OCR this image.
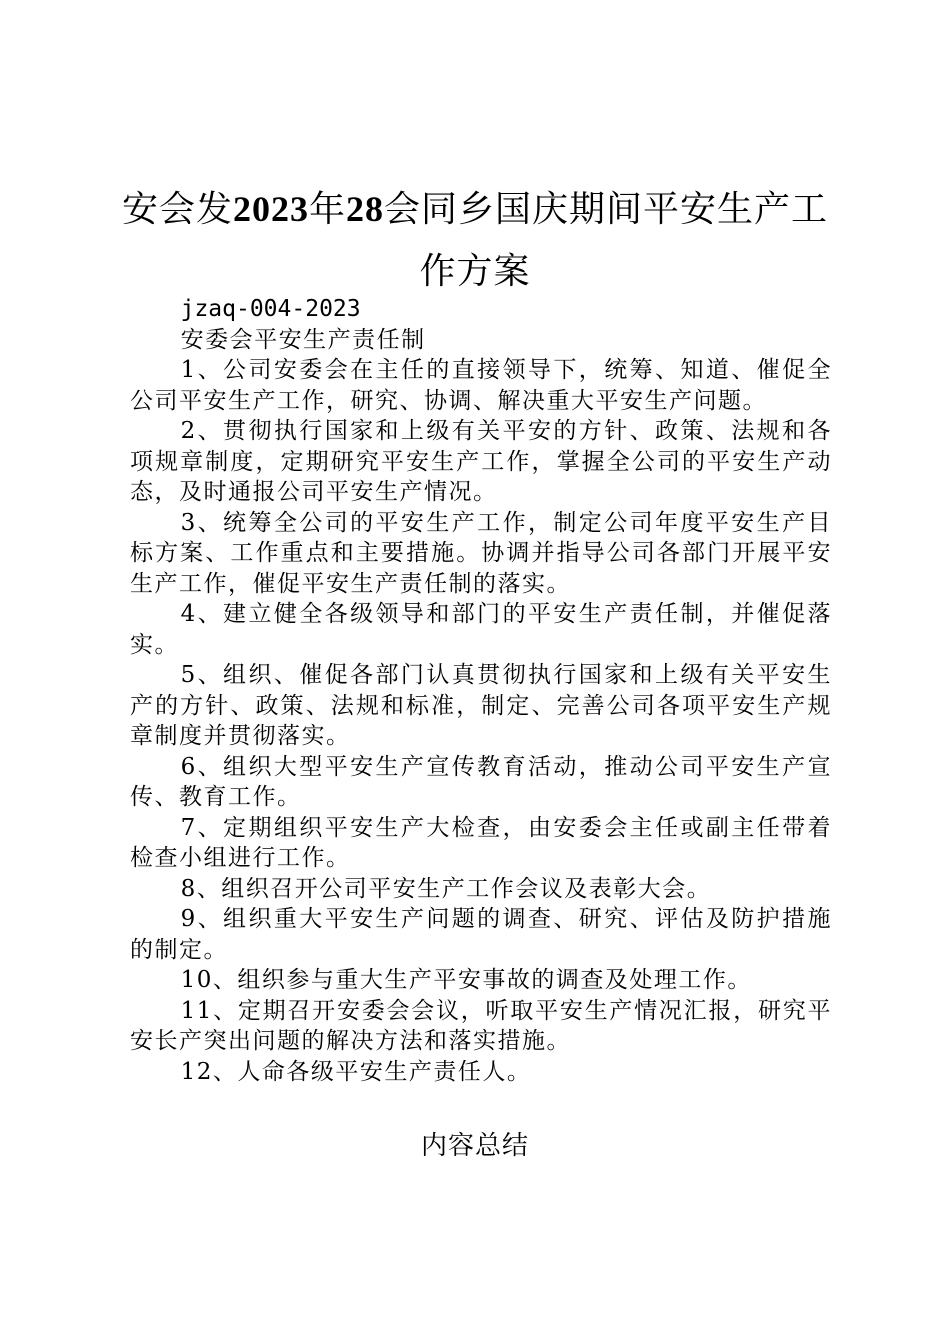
安会发2023年28会同乡国庆期间平安生产工作方案

jzaq-004-2023

安委会平安生产责任制

1、公司安委会在主任的直接领导下，统筹、知道、催促全公司平安生产工作，研究、协调、解决重大平安生产问题。

2、贯彻执行国家和上级有关平安的方针、政策、法规和各项规章制度，定期研究平安生产工作，掌握全公司的平安生产动态，及时通报公司平安生产情况。

3、统筹全公司的平安生产工作，制定公司年度平安生产目标方案、工作重点和主要措施。协调并指导公司各部门开展平安生产工作，催促平安生产责任制的落实。

4、建立健全各级领导和部门的平安生产责任制，并催促落实。

5、组织、催促各部门认真贯彻执行国家和上级有关平安生产的方针、政策、法规和标准，制定、完善公司各项平安生产规章制度并贯彻落实。

6、组织大型平安生产宣传教育活动，推动公司平安生产宣传、教育工作。

7、定期组织平安生产大检查，由安委会主任或副主任带着检查小组进行工作。

8、组织召开公司平安生产工作会议及表彰大会。

9、组织重大平安生产问题的调查、研究、评估及防护措施的制定。

10、组织参与重大生产平安事故的调查及处理工作。

11、定期召开安委会会议，听取平安生产情况汇报，研究平安长产突出问题的解决方法和落实措施。

12、人命各级平安生产责任人。

内容总结
